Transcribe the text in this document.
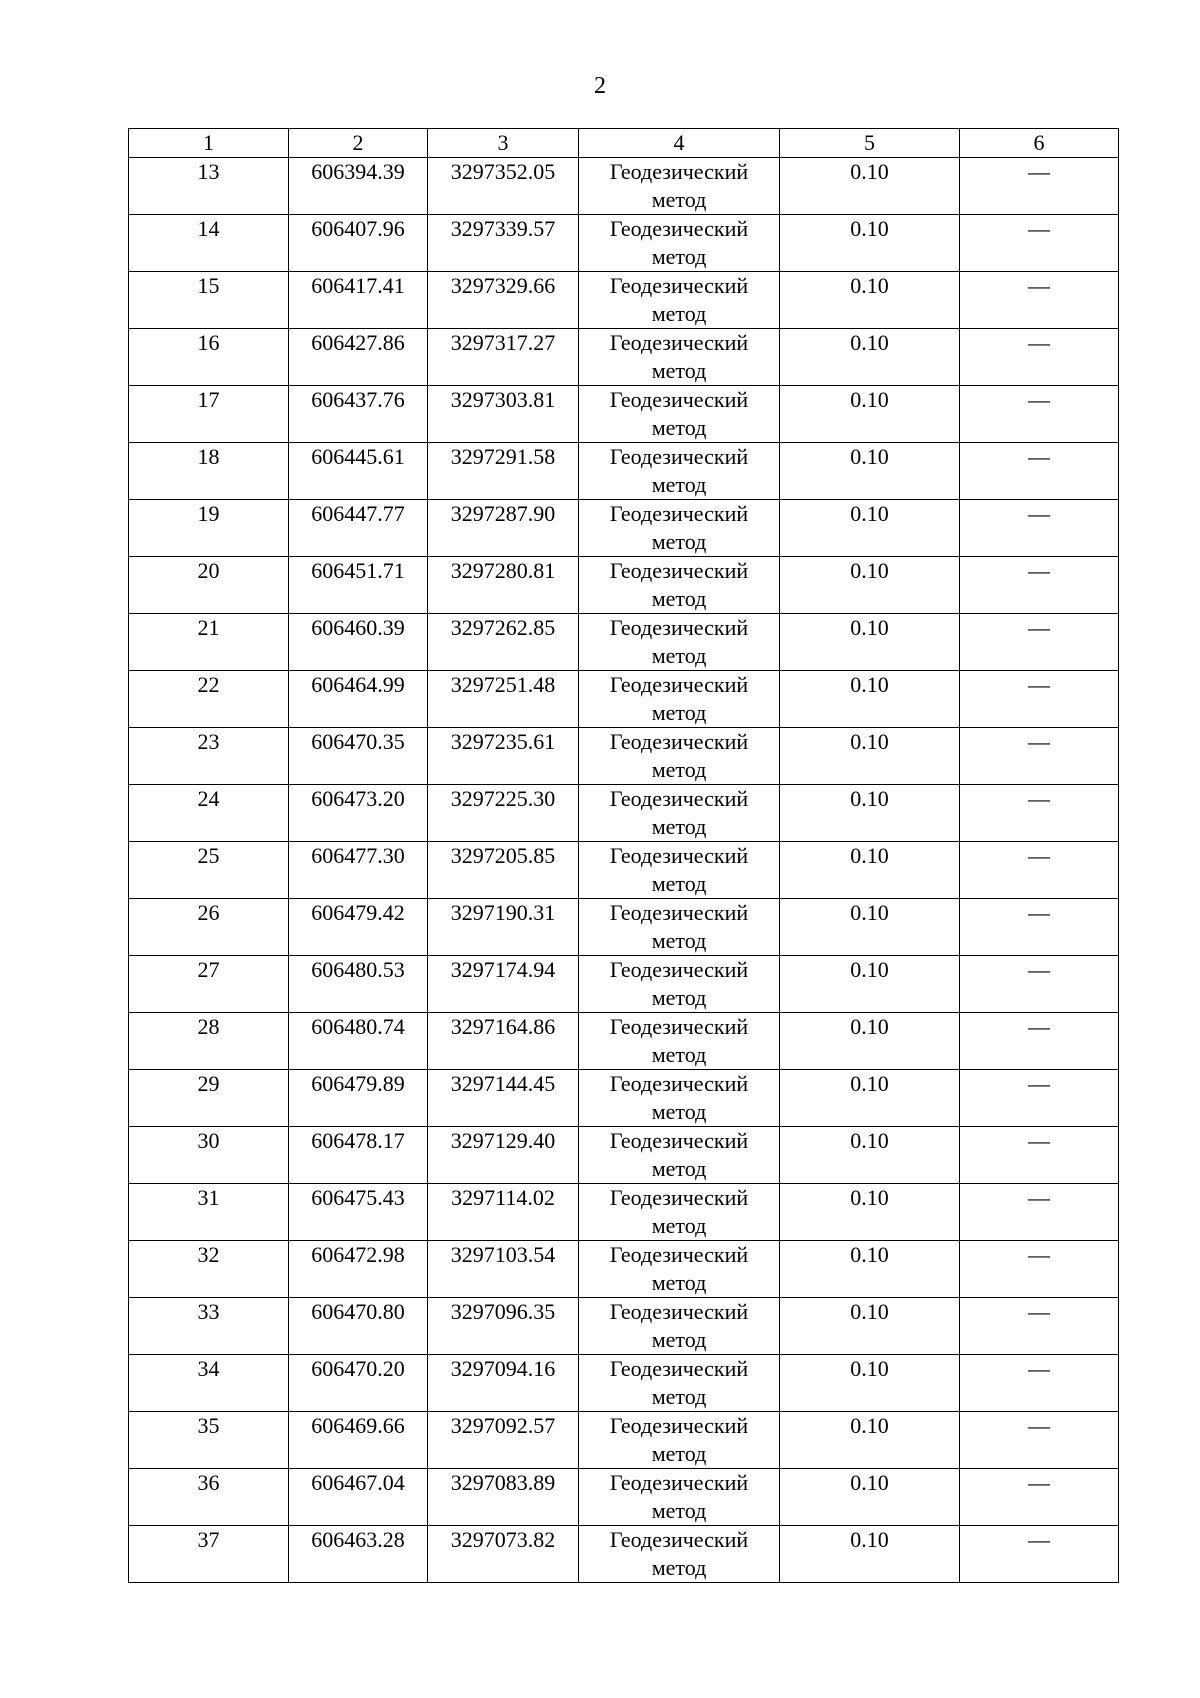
2
1	2	3	4	5	6
13	606394.39	3297352.05	Геодезический метод	0.10	—
14	606407.96	3297339.57	Геодезический метод	0.10	—
15	606417.41	3297329.66	Геодезический метод	0.10	—
16	606427.86	3297317.27	Геодезический метод	0.10	—
17	606437.76	3297303.81	Геодезический метод	0.10	—
18	606445.61	3297291.58	Геодезический метод	0.10	—
19	606447.77	3297287.90	Геодезический метод	0.10	—
20	606451.71	3297280.81	Геодезический метод	0.10	—
21	606460.39	3297262.85	Геодезический метод	0.10	—
22	606464.99	3297251.48	Геодезический метод	0.10	—
23	606470.35	3297235.61	Геодезический метод	0.10	—
24	606473.20	3297225.30	Геодезический метод	0.10	—
25	606477.30	3297205.85	Геодезический метод	0.10	—
26	606479.42	3297190.31	Геодезический метод	0.10	—
27	606480.53	3297174.94	Геодезический метод	0.10	—
28	606480.74	3297164.86	Геодезический метод	0.10	—
29	606479.89	3297144.45	Геодезический метод	0.10	—
30	606478.17	3297129.40	Геодезический метод	0.10	—
31	606475.43	3297114.02	Геодезический метод	0.10	—
32	606472.98	3297103.54	Геодезический метод	0.10	—
33	606470.80	3297096.35	Геодезический метод	0.10	—
34	606470.20	3297094.16	Геодезический метод	0.10	—
35	606469.66	3297092.57	Геодезический метод	0.10	—
36	606467.04	3297083.89	Геодезический метод	0.10	—
37	606463.28	3297073.82	Геодезический метод	0.10	—
